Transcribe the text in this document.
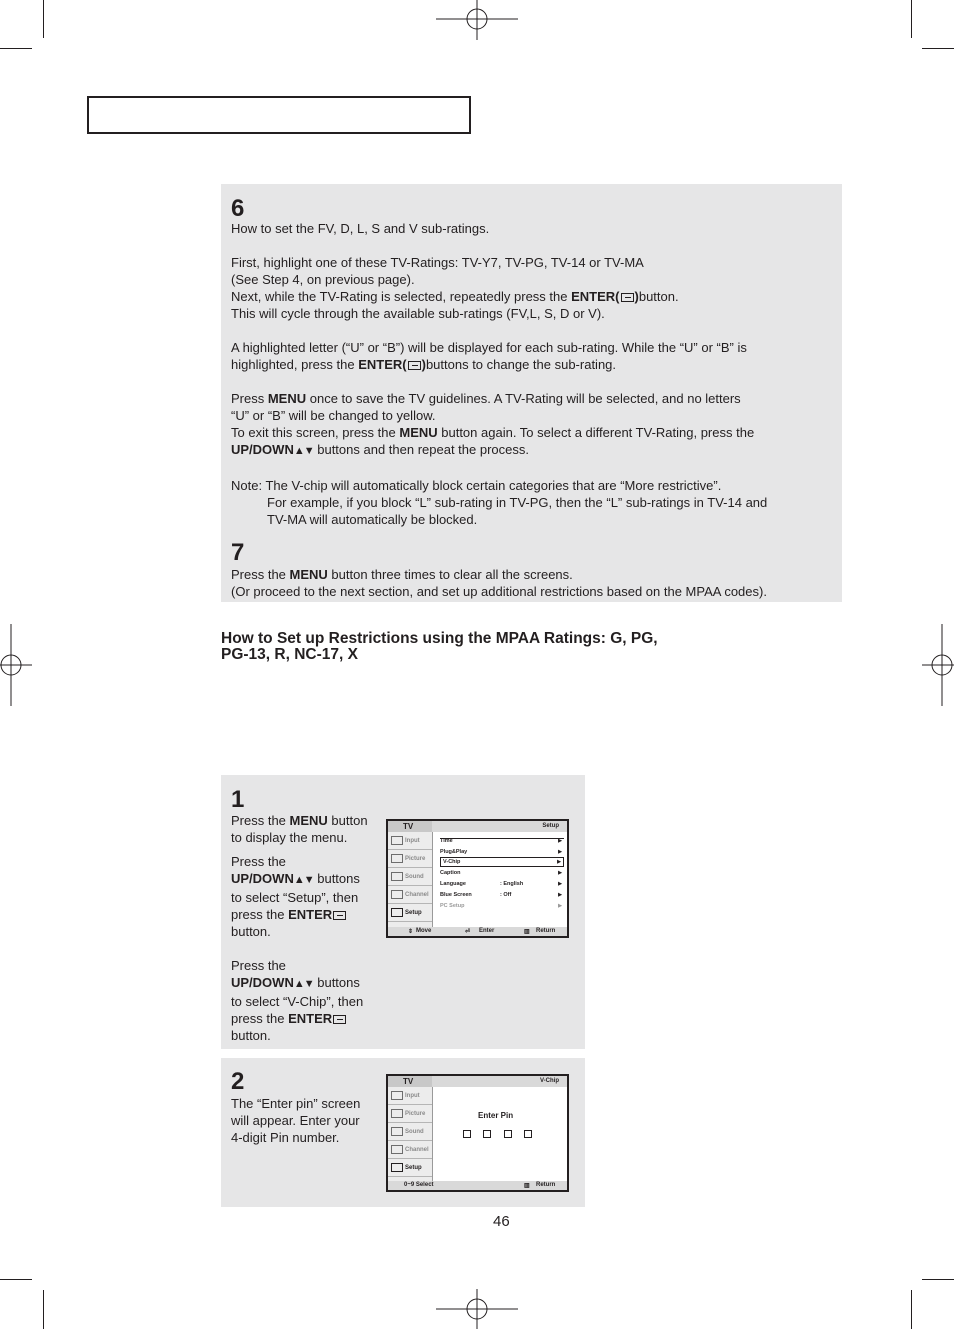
6

How to set the FV, D, L, S and V sub-ratings.

First, highlight one of these TV-Ratings: TV-Y7, TV-PG, TV-14 or TV-MA

(See Step 4, on previous page).

Next, while the TV-Rating is selected, repeatedly press the ENTER( )button.

This will cycle through the available sub-ratings (FV,L, S, D or V).

A highlighted letter (“U” or “B”) will be displayed for each sub-rating. While the “U” or “B” is

highlighted, press the ENTER( )buttons to change the sub-rating.

Press MENU once to save the TV guidelines. A TV-Rating will be selected, and no letters

“U” or “B” will be changed to yellow.

To exit this screen, press the MENU button again. To select a different TV-Rating, press the

UP/DOWN▲▼ buttons and then repeat the process.

Note: The V-chip will automatically block certain categories that are “More restrictive”.

For example, if you block “L” sub-rating in TV-PG, then the “L” sub-ratings in TV-14 and

TV-MA will automatically be blocked.

7

Press the MENU button three times to clear all the screens.

(Or proceed to the next section, and set up additional restrictions based on the MPAA codes).

How to Set up Restrictions using the MPAA Ratings: G, PG,
PG-13, R, NC-17, X
1

Press the MENU button

to display the menu.

Press the

UP/DOWN▲▼ buttons

to select “Setup”, then

press the ENTER

button.

Press the

UP/DOWN▲▼ buttons

to select “V-Chip”, then

press the ENTER

button.

TV	Setup
Input
Picture
Sound
Channel
Setup
Time	▶
Plug&Play	▶
V-Chip	▶
Caption	▶
Language	: English	▶
Blue Screen	: Off	▶
PC Setup	▶
⇕ Move	⏎ Enter	▥ Return
2

The “Enter pin” screen

will appear. Enter your

4-digit Pin number.

TV	V-Chip
Input
Picture
Sound
Channel
Setup
Enter Pin
0~9 Select	▥ Return
46
